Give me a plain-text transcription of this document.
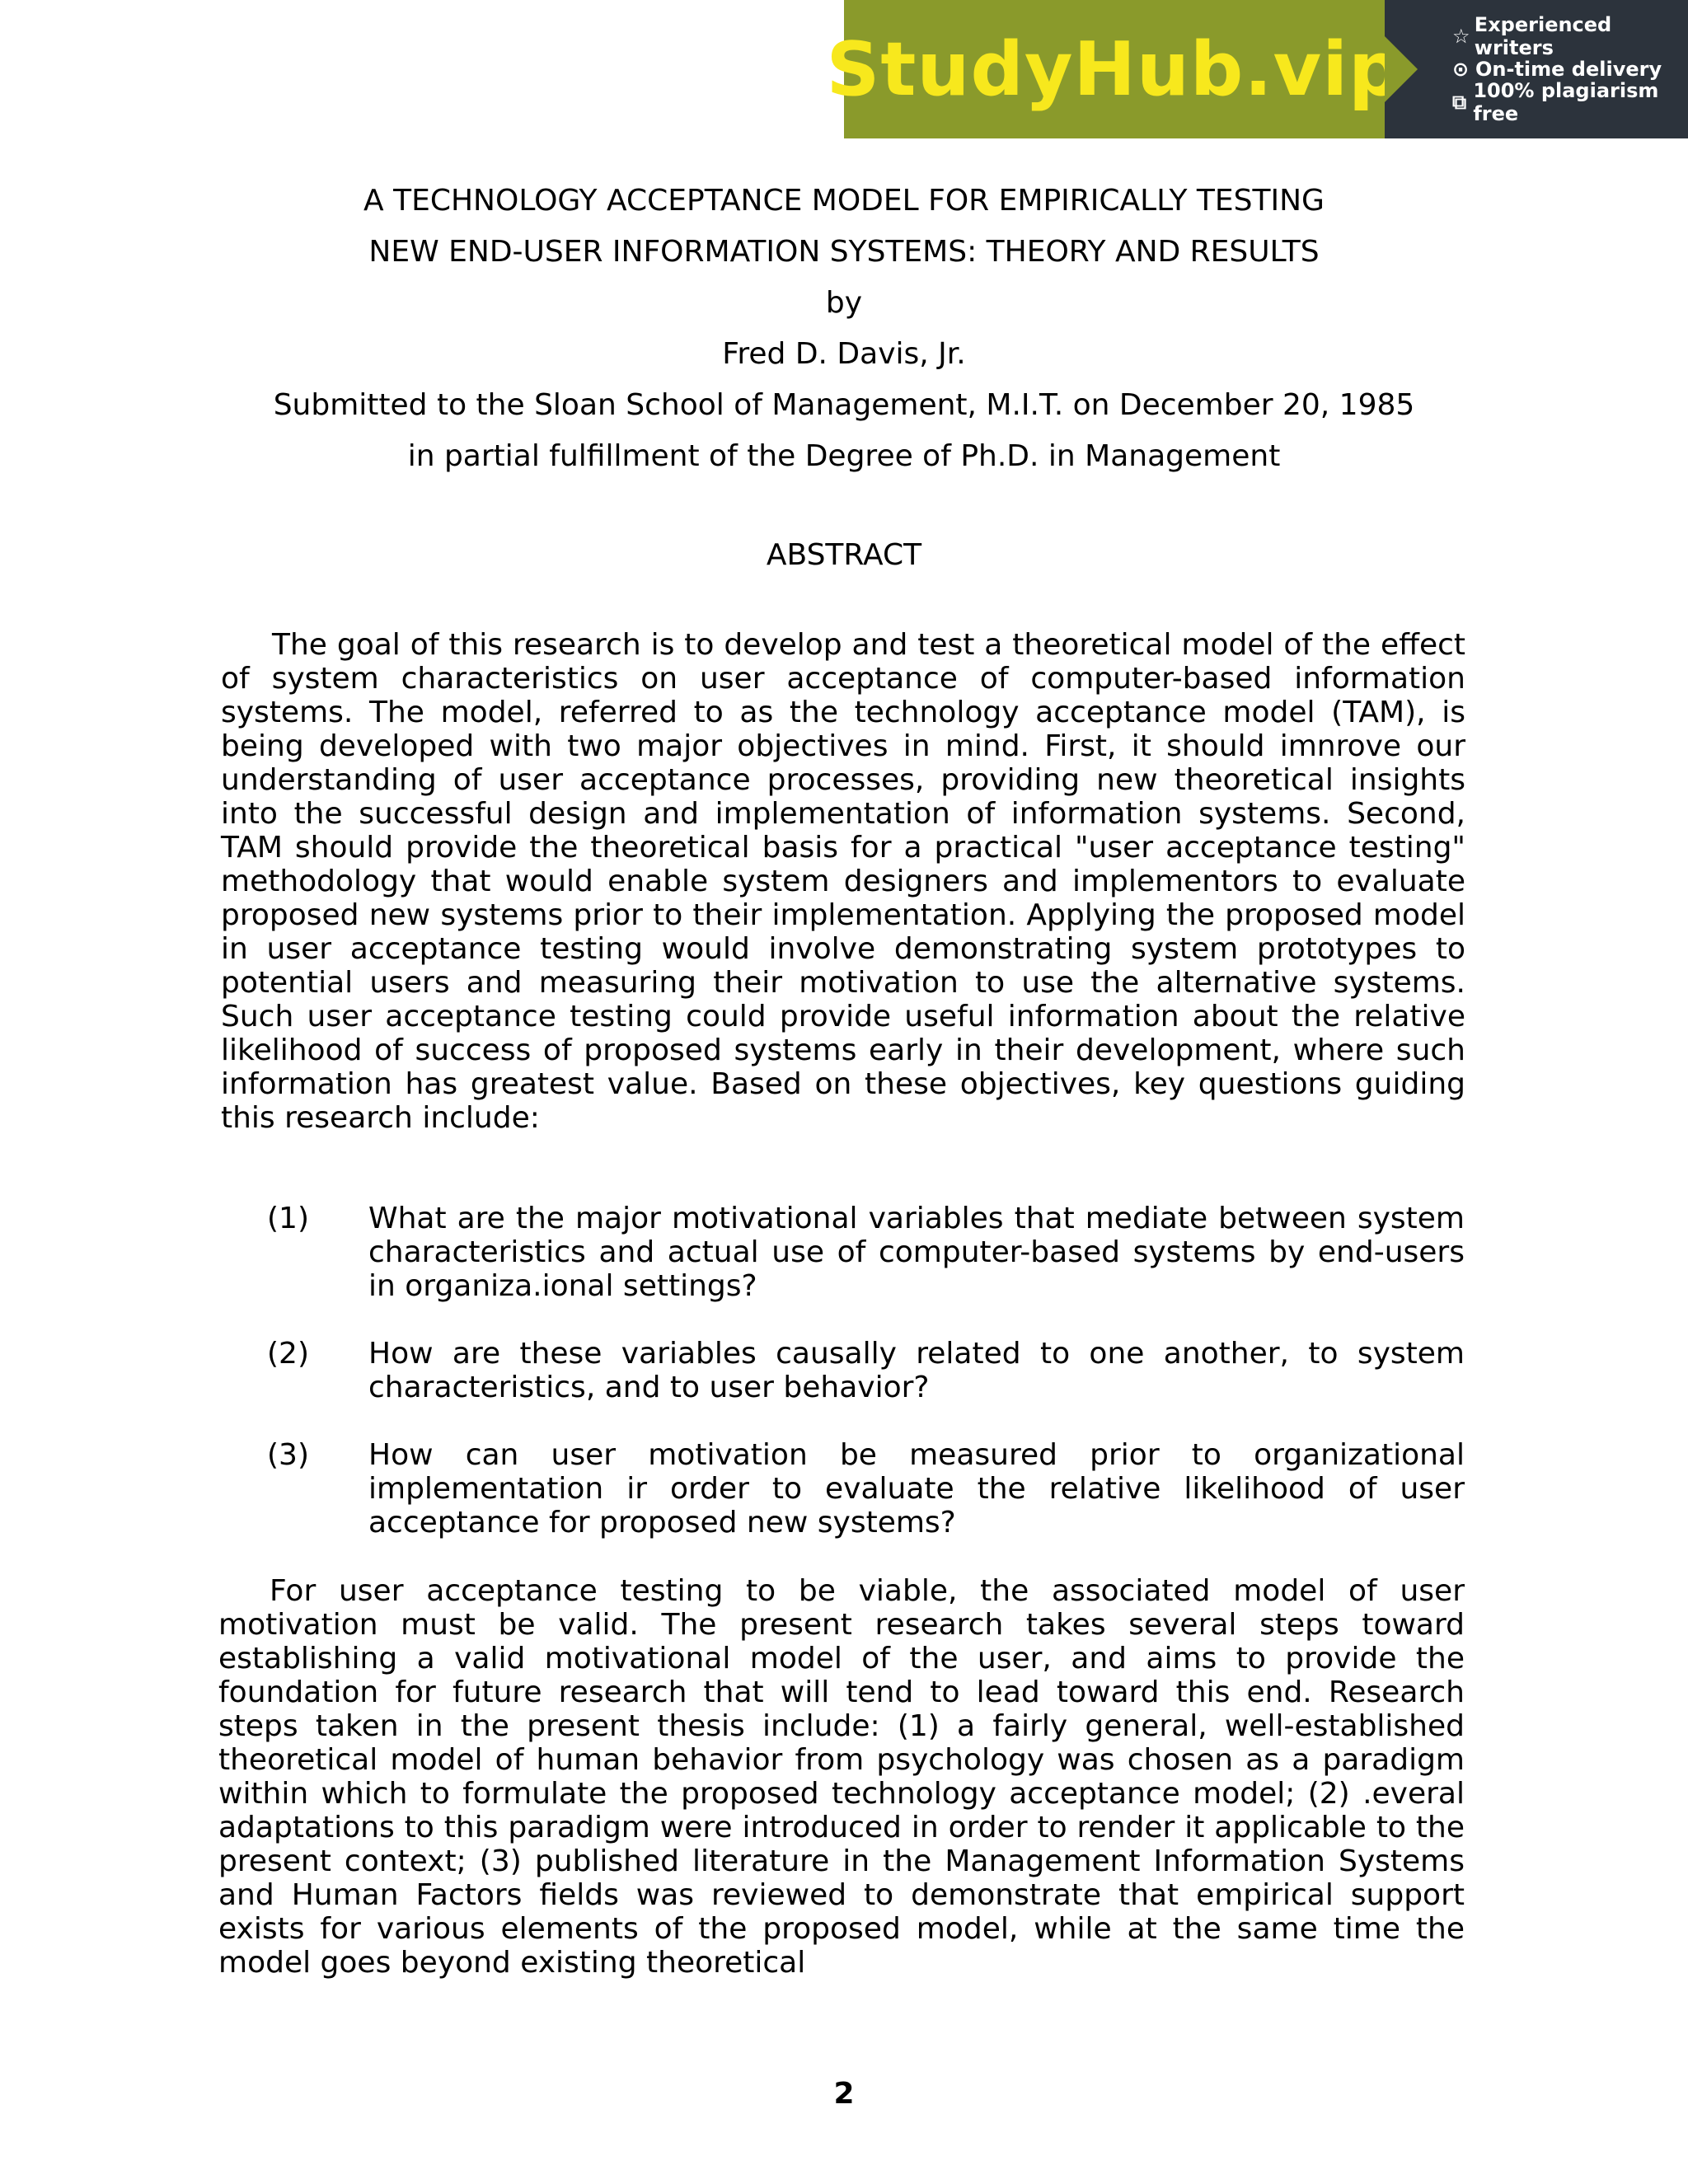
StudyHub.vip	☆ Experienced writers
⊙ On-time delivery
⧉ 100% plagiarism free
A TECHNOLOGY ACCEPTANCE MODEL FOR EMPIRICALLY TESTING
NEW END-USER INFORMATION SYSTEMS: THEORY AND RESULTS
by
Fred D. Davis, Jr.
Submitted to the Sloan School of Management, M.I.T. on December 20, 1985
in partial fulfillment of the Degree of Ph.D. in Management
ABSTRACT

The goal of this research is to develop and test a theoretical model of the effect of system characteristics on user acceptance of computer-based information systems. The model, referred to as the technology acceptance model (TAM), is being developed with two major objectives in mind. First, it should imnrove our understanding of user acceptance processes, providing new theoretical insights into the successful design and implementation of information systems. Second, TAM should provide the theoretical basis for a practical "user acceptance testing" methodology that would enable system designers and implementors to evaluate proposed new systems prior to their implementation. Applying the proposed model in user acceptance testing would involve demonstrating system prototypes to potential users and measuring their motivation to use the alternative systems. Such user acceptance testing could provide useful information about the relative likelihood of success of proposed systems early in their development, where such information has greatest value. Based on these objectives, key questions guiding this research include:

(1) What are the major motivational variables that mediate between system characteristics and actual use of computer-based systems by end-users in organiza.ional settings?

(2) How are these variables causally related to one another, to system characteristics, and to user behavior?

(3) How can user motivation be measured prior to organizational implementation ir order to evaluate the relative likelihood of user acceptance for proposed new systems?

For user acceptance testing to be viable, the associated model of user motivation must be valid. The present research takes several steps toward establishing a valid motivational model of the user, and aims to provide the foundation for future research that will tend to lead toward this end. Research steps taken in the present thesis include: (1) a fairly general, well-established theoretical model of human behavior from psychology was chosen as a paradigm within which to formulate the proposed technology acceptance model; (2) .everal adaptations to this paradigm were introduced in order to render it applicable to the present context; (3) published literature in the Management Information Systems and Human Factors fields was reviewed to demonstrate that empirical support exists for various elements of the proposed model, while at the same time the model goes beyond existing theoretical

2
